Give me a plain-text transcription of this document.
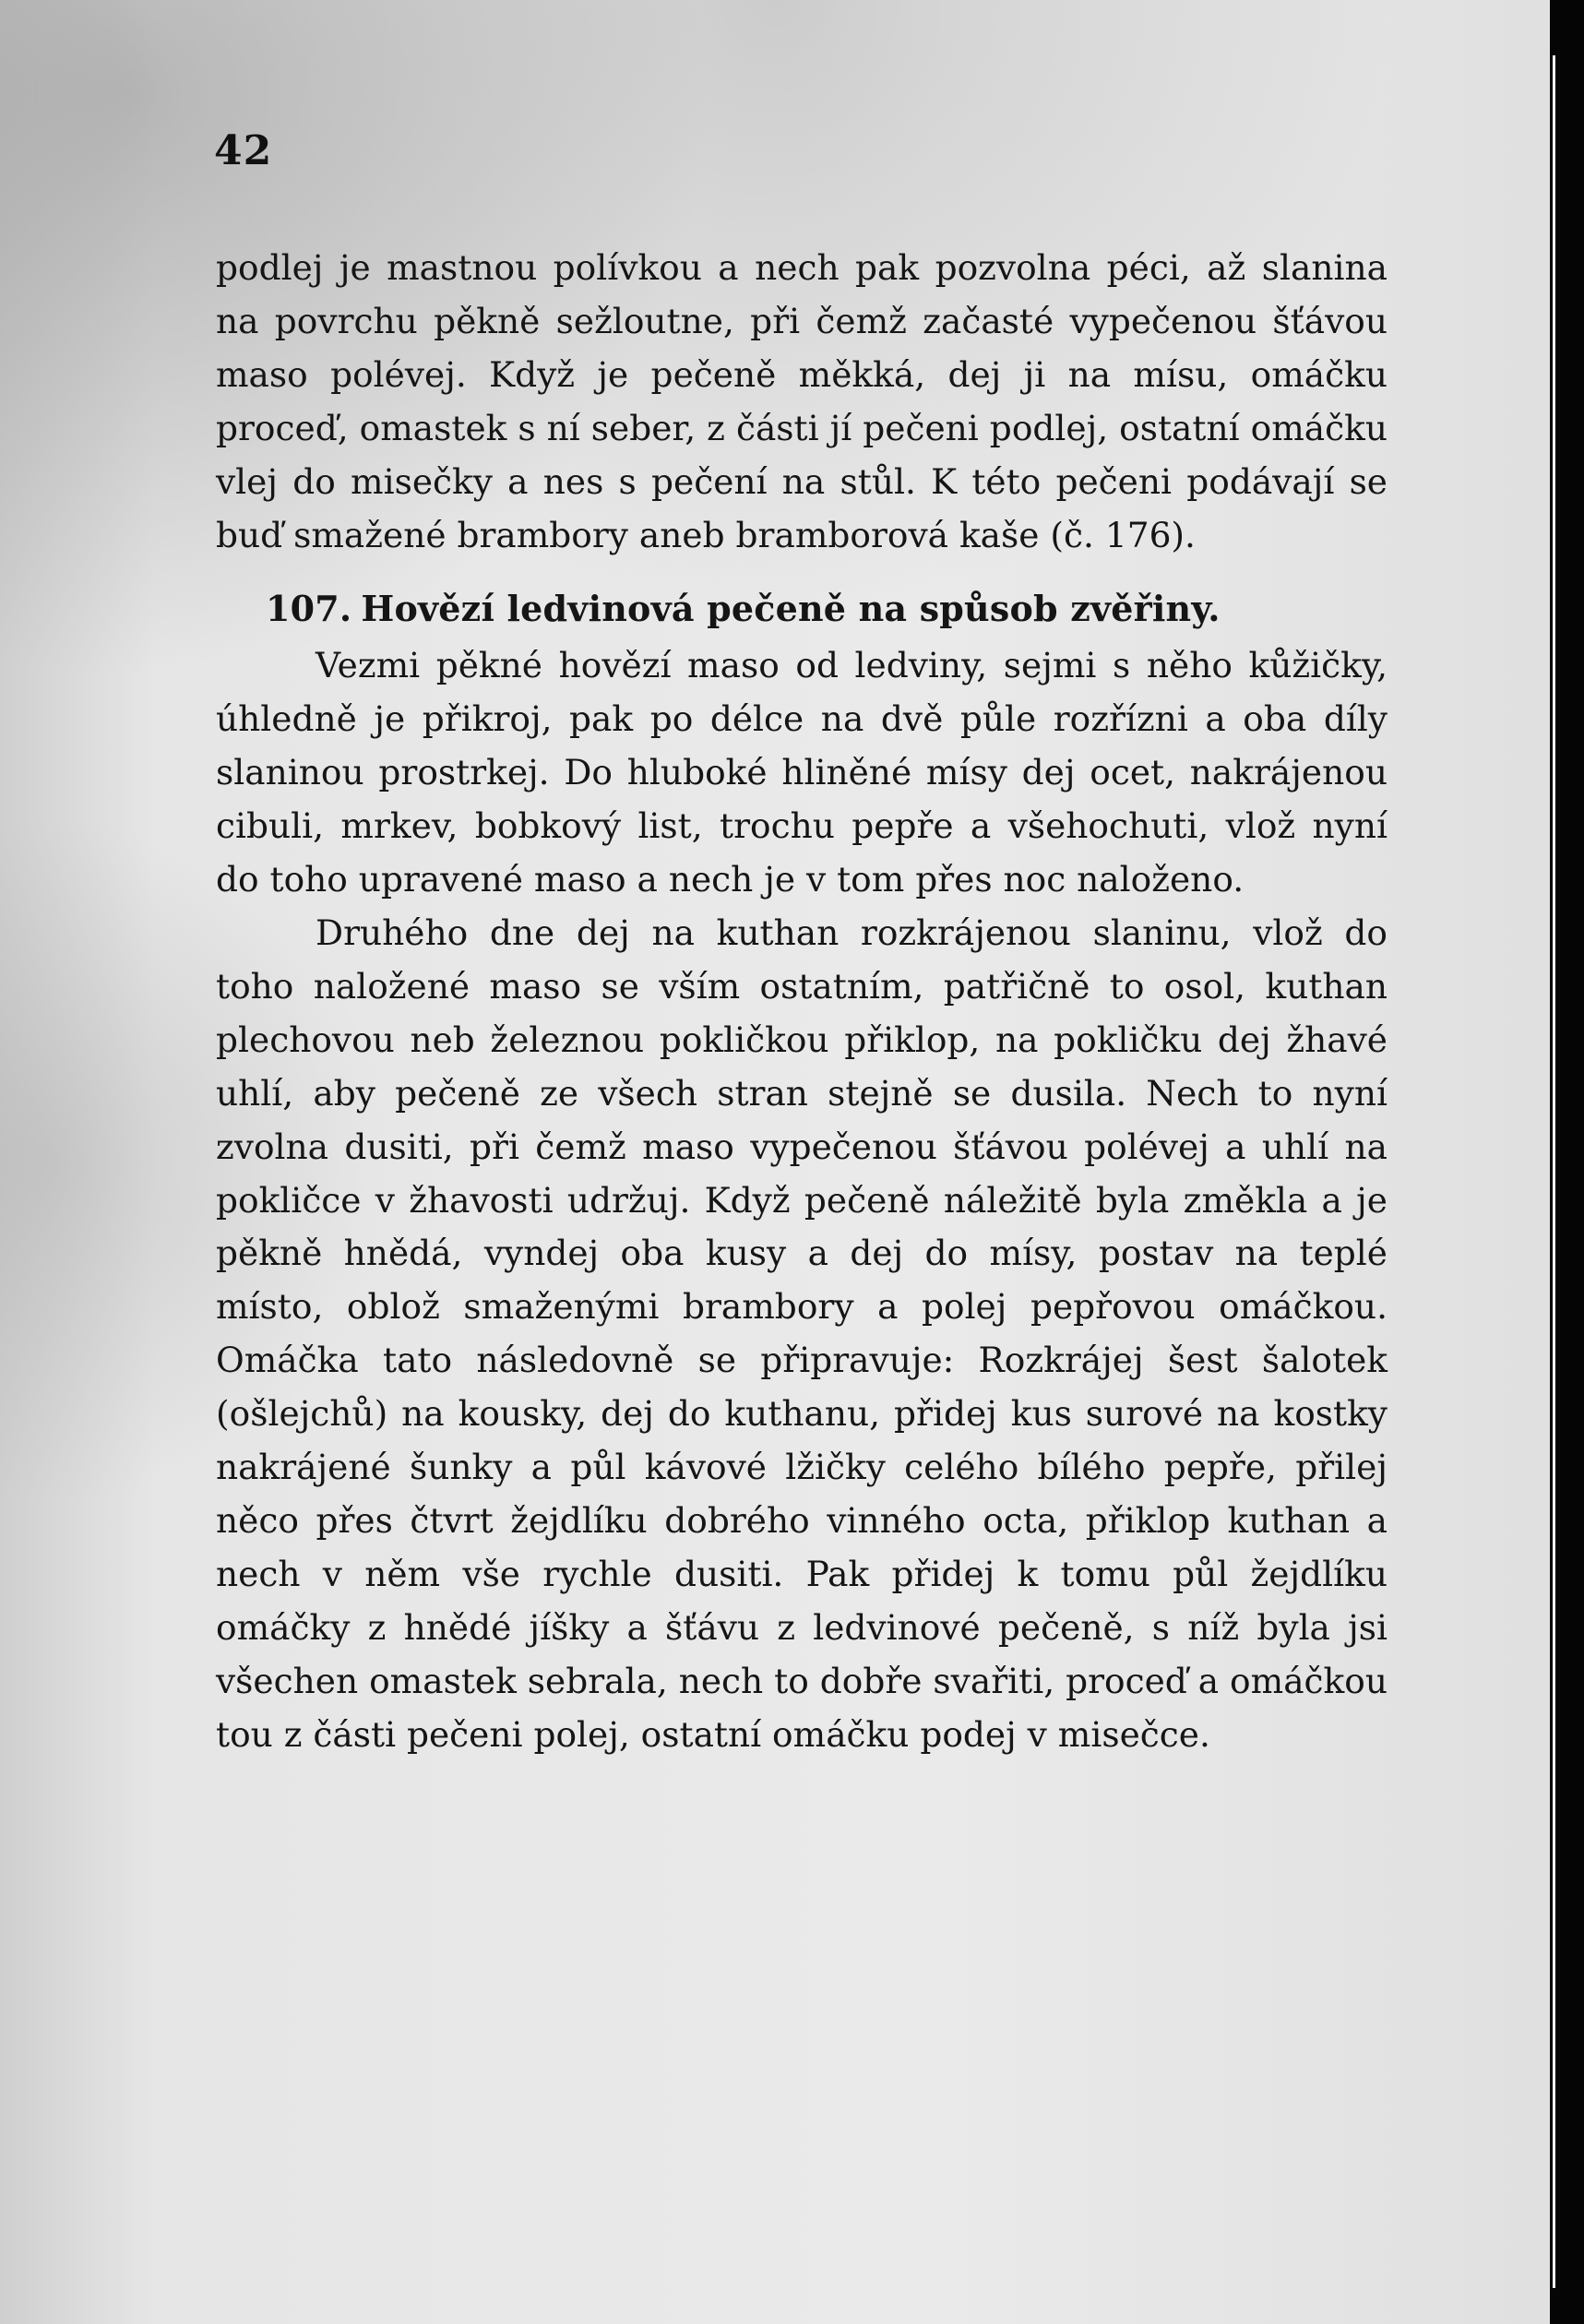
42

podlej je mastnou polívkou a nech pak pozvolna péci, až slanina na povrchu pěkně sežloutne, při čemž začasté vypečenou šťávou maso polévej. Když je pečeně měkká, dej ji na mísu, omáčku proceď, omastek s ní seber, z části jí pečeni podlej, ostatní omáčku vlej do misečky a nes s pečení na stůl. K této pečeni podávají se buď smažené brambory aneb bramborová kaše (č. 176).

107. Hovězí ledvinová pečeně na spůsob zvěřiny.

Vezmi pěkné hovězí maso od ledviny, sejmi s něho kůžičky, úhledně je přikroj, pak po délce na dvě půle rozřízni a oba díly slaninou prostrkej. Do hluboké hliněné mísy dej ocet, nakrájenou cibuli, mrkev, bobkový list, trochu pepře a všehochuti, vlož nyní do toho upravené maso a nech je v tom přes noc naloženo.

Druhého dne dej na kuthan rozkrájenou slaninu, vlož do toho naložené maso se vším ostatním, patřičně to osol, kuthan plechovou neb železnou pokličkou přiklop, na pokličku dej žhavé uhlí, aby pečeně ze všech stran stejně se dusila. Nech to nyní zvolna dusiti, při čemž maso vypečenou šťávou polévej a uhlí na pokličce v žhavosti udržuj. Když pečeně náležitě byla změkla a je pěkně hnědá, vyndej oba kusy a dej do mísy, postav na teplé místo, oblož smaženými brambory a polej pepřovou omáčkou. Omáčka tato následovně se připravuje: Rozkrájej šest šalotek (ošlejchů) na kousky, dej do kuthanu, přidej kus surové na kostky nakrájené šunky a půl kávové lžičky celého bílého pepře, přilej něco přes čtvrt žejdlíku dobrého vinného octa, přiklop kuthan a nech v něm vše rychle dusiti. Pak přidej k tomu půl žejdlíku omáčky z hnědé jíšky a šťávu z ledvinové pečeně, s níž byla jsi všechen omastek sebrala, nech to dobře svařiti, proceď a omáčkou tou z části pečeni polej, ostatní omáčku podej v misečce.
